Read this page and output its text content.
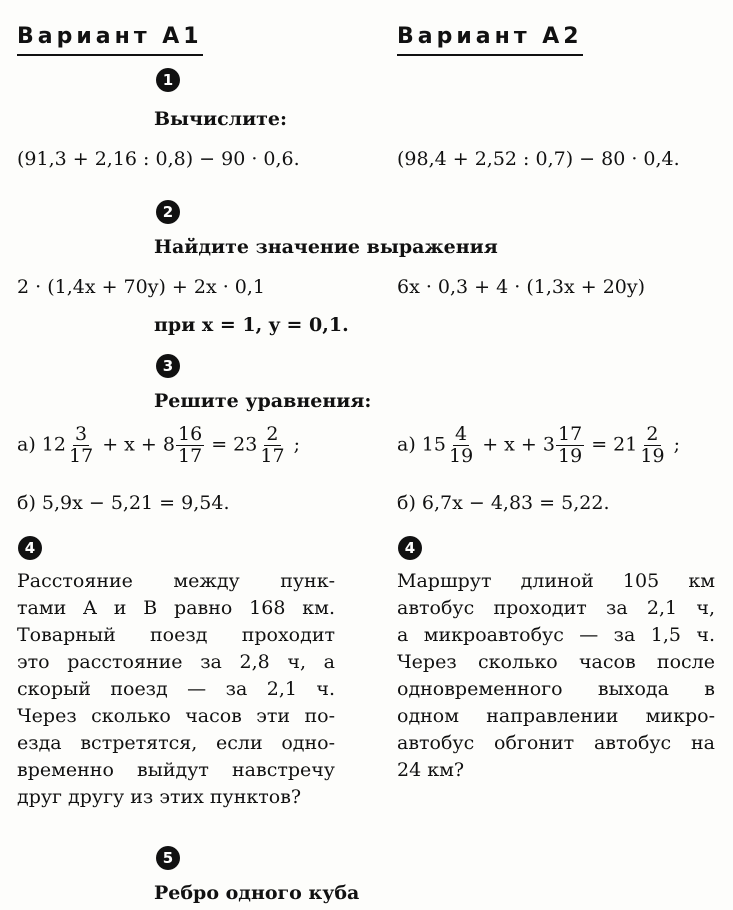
Вариант А1	Вариант А2
1
Вычислите:
(91,3 + 2,16 : 0,8) − 90 · 0,6.	(98,4 + 2,52 : 0,7) − 80 · 0,4.
2
Найдите значение выражения
2 · (1,4x + 70y) + 2x · 0,1	6x · 0,3 + 4 · (1,3x + 20y)
при x = 1, y = 0,1.
3
Решите уравнения:
а) $12 \frac{3}{17} + x + 8 \frac{16}{17} = 23 \frac{2}{17}$ ;	а) $15 \frac{4}{19} + x + 3 \frac{17}{19} = 21 \frac{2}{19}$ ;
б) 5,9x − 5,21 = 9,54.	б) 6,7x − 4,83 = 5,22.
4	4
Расстояние между пунк-
тами A и B равно 168 км.
Товарный поезд проходит
это расстояние за 2,8 ч, а
скорый поезд — за 2,1 ч.
Через сколько часов эти по-
езда встретятся, если одно-
временно выйдут навстречу
друг другу из этих пунктов?
Маршрут длиной 105 км
автобус проходит за 2,1 ч,
а микроавтобус — за 1,5 ч.
Через сколько часов после
одновременного выхода в
одном направлении микро-
автобус обгонит автобус на
24 км?
5
Ребро одного куба
